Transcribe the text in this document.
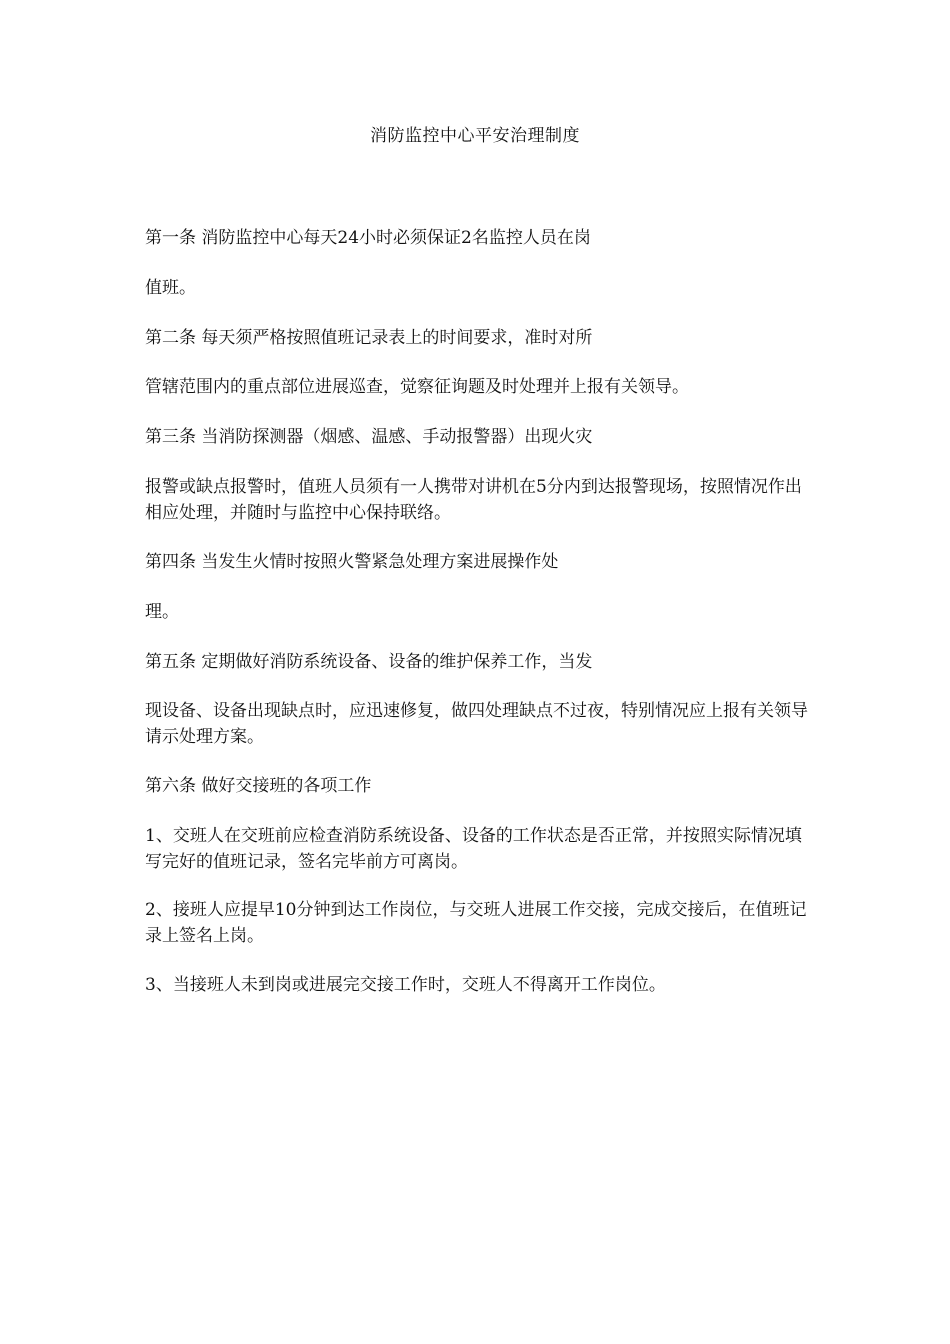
消防监控中心平安治理制度
第一条 消防监控中心每天24小时必须保证2名监控人员在岗
值班。
第二条 每天须严格按照值班记录表上的时间要求，准时对所
管辖范围内的重点部位进展巡查，觉察征询题及时处理并上报有关领导。
第三条 当消防探测器（烟感、温感、手动报警器）出现火灾
报警或缺点报警时，值班人员须有一人携带对讲机在5分内到达报警现场，按照情况作出相应处理，并随时与监控中心保持联络。
第四条 当发生火情时按照火警紧急处理方案进展操作处
理。
第五条 定期做好消防系统设备、设备的维护保养工作，当发
现设备、设备出现缺点时，应迅速修复，做四处理缺点不过夜，特别情况应上报有关领导请示处理方案。
第六条 做好交接班的各项工作
1、交班人在交班前应检查消防系统设备、设备的工作状态是否正常，并按照实际情况填写完好的值班记录，签名完毕前方可离岗。
2、接班人应提早10分钟到达工作岗位，与交班人进展工作交接，完成交接后，在值班记录上签名上岗。
3、当接班人未到岗或进展完交接工作时，交班人不得离开工作岗位。
